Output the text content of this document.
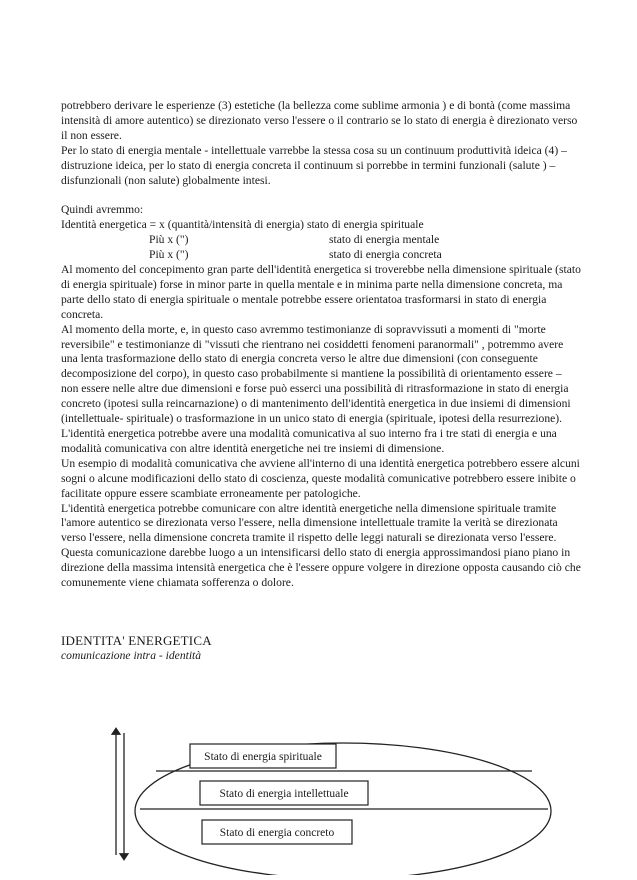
potrebbero derivare le esperienze (3) estetiche (la bellezza come sublime armonia ) e di bontà (come massima intensità di amore autentico) se direzionato verso l'essere o il contrario se lo stato di energia è direzionato verso il non essere.

Per lo stato di energia mentale - intellettuale varrebbe la stessa cosa su un continuum produttività ideica (4) – distruzione ideica, per lo stato di energia concreta il continuum si porrebbe in termini funzionali (salute ) – disfunzionali (non salute) globalmente intesi.

Quindi avremmo:

Identità energetica = x (quantità/intensità di energia) stato di energia spirituale

Più x (")	stato di energia mentale
Più x (")	stato di energia concreta

Al momento del concepimento gran parte dell'identità energetica si troverebbe nella dimensione spirituale (stato di energia spirituale) forse in minor parte in quella mentale e in minima parte nella dimensione concreta, ma parte dello stato di energia spirituale o mentale potrebbe essere orientatoa trasformarsi in stato di energia concreta.

Al momento della morte, e, in questo caso avremmo testimonianze di sopravvissuti a momenti di "morte reversibile" e testimonianze di "vissuti che rientrano nei cosiddetti fenomeni paranormali" , potremmo avere una lenta trasformazione dello stato di energia concreta verso le altre due dimensioni (con conseguente decomposizione del corpo), in questo caso probabilmente si mantiene la possibilità di orientamento essere – non essere nelle altre due dimensioni e forse può esserci una possibilità di ritrasformazione in stato di energia concreto (ipotesi sulla reincarnazione) o di mantenimento dell'identità energetica in due insiemi di dimensioni (intellettuale- spirituale) o trasformazione in un unico stato di energia (spirituale, ipotesi della resurrezione).

L'identità energetica potrebbe avere una modalità comunicativa al suo interno fra i tre stati di energia e una modalità comunicativa con altre identità energetiche nei tre insiemi di dimensione.

Un esempio di modalità comunicativa che avviene all'interno di una identità energetica potrebbero essere alcuni sogni o alcune modificazioni dello stato di coscienza, queste modalità comunicative potrebbero essere inibite o facilitate oppure essere scambiate erroneamente per patologiche.

L'identità energetica potrebbe comunicare con altre identità energetiche nella dimensione spirituale tramite l'amore autentico se direzionata verso l'essere, nella dimensione intellettuale tramite la verità se direzionata verso l'essere, nella dimensione concreta tramite il rispetto delle leggi naturali se direzionata verso l'essere.

Questa comunicazione darebbe luogo a un intensificarsi dello stato di energia approssimandosi piano piano in direzione della massima intensità energetica che è l'essere oppure volgere in direzione opposta causando ciò che comunemente viene chiamata sofferenza o dolore.

IDENTITA' ENERGETICA
comunicazione intra - identità
Stato di energia spirituale
Stato di energia intellettuale
Stato di energia concreto
